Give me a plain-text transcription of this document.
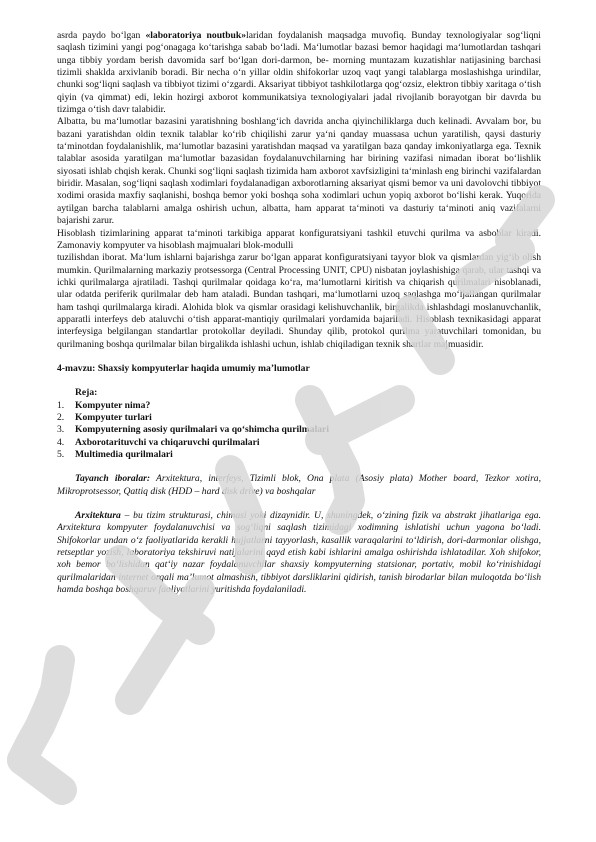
asrda paydo bo‘lgan «laboratoriya noutbuk»laridan foydalanish maqsadga muvofiq. Bunday texnologiyalar sog‘liqni saqlash tizimini yangi pog‘onagaga ko‘tarishga sabab bo‘ladi. Ma‘lumotlar bazasi bemor haqidagi ma‘lumotlardan tashqari unga tibbiy yordam berish davomida sarf bo‘lgan dori-darmon, be- morning muntazam kuzatishlar natijasining barchasi tizimli shaklda arxivlanib boradi. Bir necha o‘n yillar oldin shifokorlar uzoq vaqt yangi talablarga moslashishga urindilar, chunki sog‘liqni saqlash va tibbiyot tizimi o‘zgardi. Aksariyat tibbiyot tashkilotlarga qog‘ozsiz, elektron tibbiy xaritaga o‘tish qiyin (va qimmat) edi, lekin hozirgi axborot kommunikatsiya texnologiyalari jadal rivojlanib borayotgan bir davrda bu tizimga o‘tish davr talabidir.

Albatta, bu ma‘lumotlar bazasini yaratishning boshlang‘ich davrida ancha qiyinchiliklarga duch kelinadi. Avvalam bor, bu bazani yaratishdan oldin texnik talablar ko‘rib chiqilishi zarur ya‘ni qanday muassasa uchun yaratilish, qaysi dasturiy ta‘minotdan foydalanishlik, ma‘lumotlar bazasini yaratishdan maqsad va yaratilgan baza qanday imkoniyatlarga ega. Texnik talablar asosida yaratilgan ma‘lumotlar bazasidan foydalanuvchilarning har birining vazifasi nimadan iborat bo‘lishlik siyosati ishlab chqish kerak. Chunki sog‘liqni saqlash tizimida ham axborot xavfsizligini ta‘minlash eng birinchi vazifalardan biridir. Masalan, sog‘liqni saqlash xodimlari foydalanadigan axborotlarning aksariyat qismi bemor va uni davolovchi tibbiyot xodimi orasida maxfiy saqlanishi, boshqa bemor yoki boshqa soha xodimlari uchun yopiq axborot bo‘lishi kerak. Yuqorida aytilgan barcha talablarni amalga oshirish uchun, albatta, ham apparat ta‘minoti va dasturiy ta‘minoti aniq vazifalarni bajarishi zarur.

Hisoblash tizimlarining apparat ta‘minoti tarkibiga apparat konfiguratsiyani tashkil etuvchi qurilma va asboblar kiradi. Zamonaviy kompyuter va hisoblash majmualari blok-modulli

tuzilishdan iborat. Ma‘lum ishlarni bajarishga zarur bo‘lgan apparat konfiguratsiyani tayyor blok va qismlardan yig‘ib olish mumkin. Qurilmalarning markaziy protsessorga (Central Processing UNIT, CPU) nisbatan joylashishiga qarab, ular tashqi va ichki qurilmalarga ajratiladi. Tashqi qurilmalar qoidaga ko‘ra, ma‘lumotlarni kiritish va chiqarish qurilmalari hisoblanadi, ular odatda periferik qurilmalar deb ham ataladi. Bundan tashqari, ma‘lumotlarni uzoq saqlashga mo‘ljallangan qurilmalar ham tashqi qurilmalarga kiradi. Alohida blok va qismlar orasidagi kelishuvchanlik, birgalikda ishlashdagi moslanuvchanlik, apparatli interfeys deb ataluvchi o‘tish apparat-mantiqiy qurilmalari yordamida bajariladi. Hisoblash texnikasidagi apparat interfeysiga belgilangan standartlar protokollar deyiladi. Shunday qilib, protokol qurilma yaratuvchilari tomonidan, bu qurilmaning boshqa qurilmalar bilan birgalikda ishlashi uchun, ishlab chiqiladigan texnik shartlar majmuasidir.

4-mavzu: Shaxsiy kompyuterlar haqida umumiy ma’lumotlar

Reja:

1.	Kompyuter nima?
2.	Kompyuter turlari
3.	Kompyuterning asosiy qurilmalari va qo‘shimcha qurilmalari
4.	Axborotarituvchi va chiqaruvchi qurilmalari
5.	Multimedia qurilmalari

Tayanch iboralar: Arxitektura, interfeys, Tizimli blok, Ona plata (Asosiy plata) Mother board, Tezkor xotira, Mikroprotsessor, Qattiq disk (HDD – hard disk drive) va boshqalar

Arxitektura – bu tizim strukturasi, chimasi yoki dizaynidir. U, shuningdek, o‘zining fizik va abstrakt jihatlariga ega. Arxitektura kompyuter foydalanuvchisi va sog‘liqni saqlash tizimidagi xodimning ishlatishi uchun yagona bo‘ladi. Shifokorlar undan o‘z faoliyatlarida kerakli hujjatlarni tayyorlash, kasallik varaqalarini to‘ldirish, dori-darmonlar olishga, retseptlar yozish, laboratoriya tekshiruvi natijalarini qayd etish kabi ishlarini amalga oshirishda ishlatadilar. Xoh shifokor, xoh bemor bo‘lishidan qat‘iy nazar foydalanuvchilar shaxsiy kompyuterning statsionar, portativ, mobil ko‘rinishidagi qurilmalaridan internet orqali ma’lumot almashish, tibbiyot darsliklarini qidirish, tanish birodarlar bilan muloqotda bo‘lish hamda boshqa boshqaruv faoliyatlarini yuritishda foydalaniladi.
